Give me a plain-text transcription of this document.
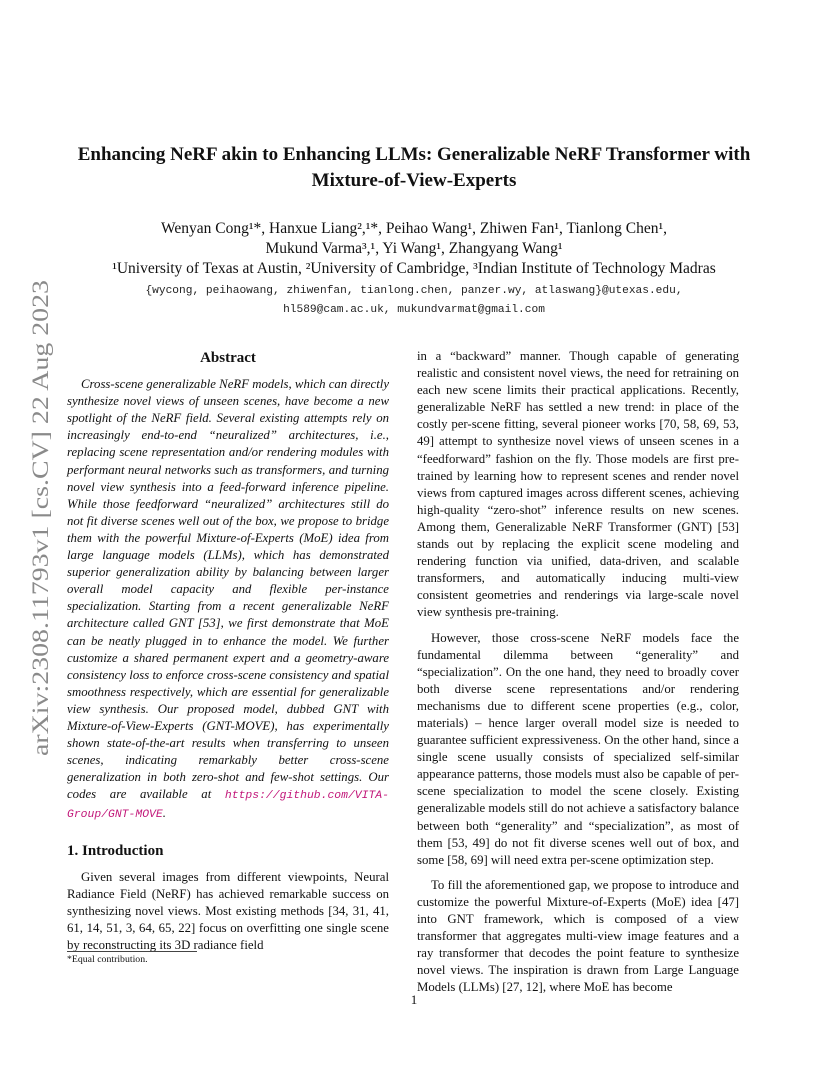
arXiv:2308.11793v1 [cs.CV] 22 Aug 2023
Enhancing NeRF akin to Enhancing LLMs: Generalizable NeRF Transformer with Mixture-of-View-Experts
Wenyan Cong¹*, Hanxue Liang²,¹*, Peihao Wang¹, Zhiwen Fan¹, Tianlong Chen¹,
Mukund Varma³,¹, Yi Wang¹, Zhangyang Wang¹
¹University of Texas at Austin, ²University of Cambridge, ³Indian Institute of Technology Madras
{wycong, peihaowang, zhiwenfan, tianlong.chen, panzer.wy, atlaswang}@utexas.edu,
hl589@cam.ac.uk, mukundvarmat@gmail.com
Abstract

Cross-scene generalizable NeRF models, which can directly synthesize novel views of unseen scenes, have become a new spotlight of the NeRF field. Several existing attempts rely on increasingly end-to-end “neuralized” architectures, i.e., replacing scene representation and/or rendering modules with performant neural networks such as transformers, and turning novel view synthesis into a feed-forward inference pipeline. While those feedforward “neuralized” architectures still do not fit diverse scenes well out of the box, we propose to bridge them with the powerful Mixture-of-Experts (MoE) idea from large language models (LLMs), which has demonstrated superior generalization ability by balancing between larger overall model capacity and flexible per-instance specialization. Starting from a recent generalizable NeRF architecture called GNT [53], we first demonstrate that MoE can be neatly plugged in to enhance the model. We further customize a shared permanent expert and a geometry-aware consistency loss to enforce cross-scene consistency and spatial smoothness respectively, which are essential for generalizable view synthesis. Our proposed model, dubbed GNT with Mixture-of-View-Experts (GNT-MOVE), has experimentally shown state-of-the-art results when transferring to unseen scenes, indicating remarkably better cross-scene generalization in both zero-shot and few-shot settings. Our codes are available at https://github.com/VITA-Group/GNT-MOVE.

1. Introduction

Given several images from different viewpoints, Neural Radiance Field (NeRF) has achieved remarkable success on synthesizing novel views. Most existing methods [34, 31, 41, 61, 14, 51, 3, 64, 65, 22] focus on overfitting one single scene by reconstructing its 3D radiance field

in a “backward” manner. Though capable of generating realistic and consistent novel views, the need for retraining on each new scene limits their practical applications. Recently, generalizable NeRF has settled a new trend: in place of the costly per-scene fitting, several pioneer works [70, 58, 69, 53, 49] attempt to synthesize novel views of unseen scenes in a “feedforward” fashion on the fly. Those models are first pre-trained by learning how to represent scenes and render novel views from captured images across different scenes, achieving high-quality “zero-shot” inference results on new scenes. Among them, Generalizable NeRF Transformer (GNT) [53] stands out by replacing the explicit scene modeling and rendering function via unified, data-driven, and scalable transformers, and automatically inducing multi-view consistent geometries and renderings via large-scale novel view synthesis pre-training.

However, those cross-scene NeRF models face the fundamental dilemma between “generality” and “specialization”. On the one hand, they need to broadly cover both diverse scene representations and/or rendering mechanisms due to different scene properties (e.g., color, materials) – hence larger overall model size is needed to guarantee sufficient expressiveness. On the other hand, since a single scene usually consists of specialized self-similar appearance patterns, those models must also be capable of per-scene specialization to model the scene closely. Existing generalizable models still do not achieve a satisfactory balance between both “generality” and “specialization”, as most of them [53, 49] do not fit diverse scenes well out of box, and some [58, 69] will need extra per-scene optimization step.

To fill the aforementioned gap, we propose to introduce and customize the powerful Mixture-of-Experts (MoE) idea [47] into GNT framework, which is composed of a view transformer that aggregates multi-view image features and a ray transformer that decodes the point feature to synthesize novel views. The inspiration is drawn from Large Language Models (LLMs) [27, 12], where MoE has become

*Equal contribution.
1
